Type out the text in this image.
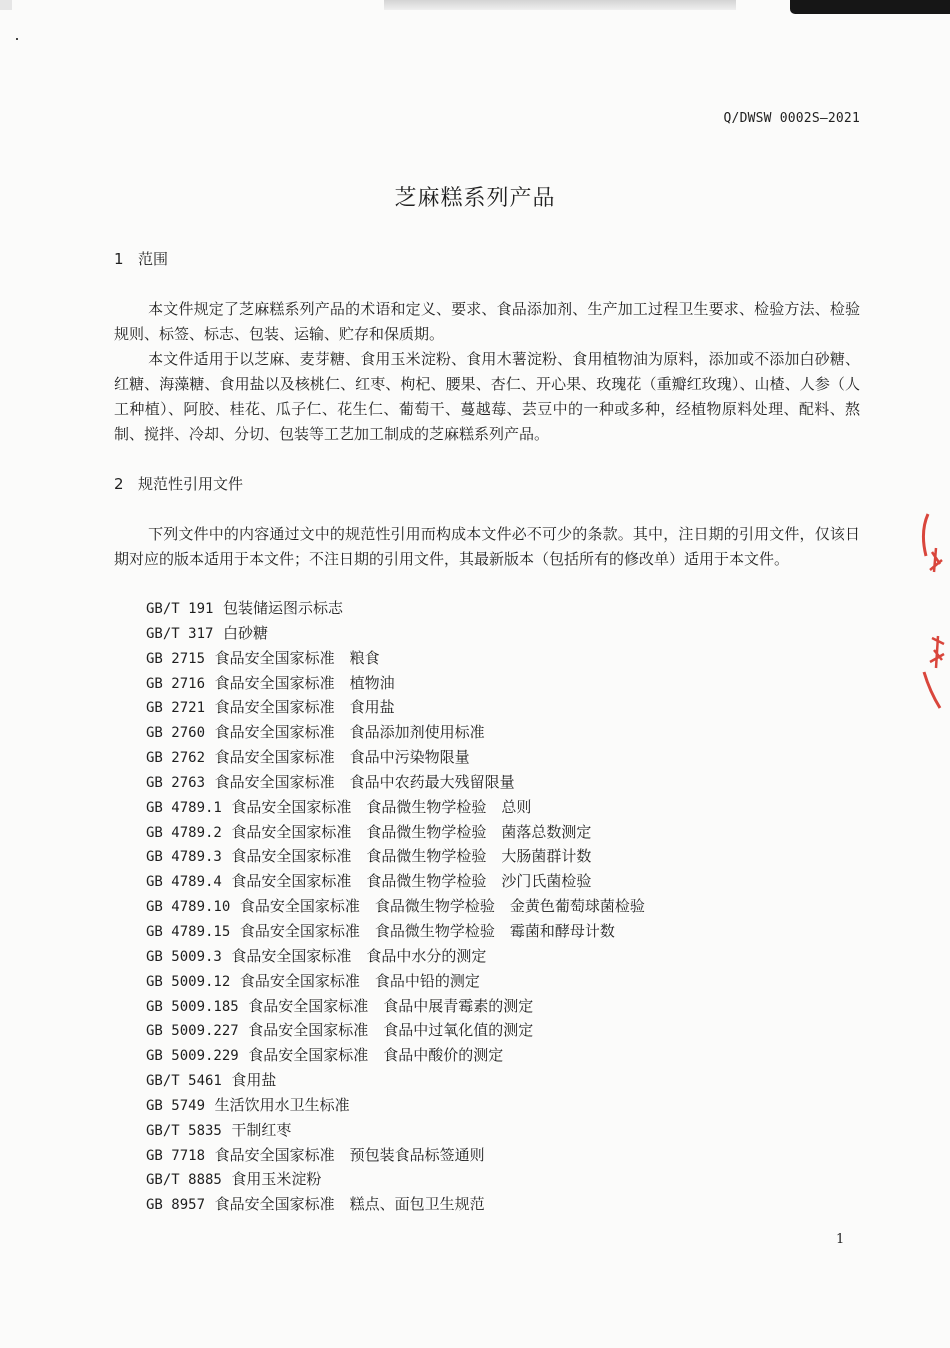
Q/DWSW 0002S—2021
芝麻糕系列产品
1 范围

本文件规定了芝麻糕系列产品的术语和定义、要求、食品添加剂、生产加工过程卫生要求、检验方法、检验规则、标签、标志、包装、运输、贮存和保质期。

本文件适用于以芝麻、麦芽糖、食用玉米淀粉、食用木薯淀粉、食用植物油为原料，添加或不添加白砂糖、红糖、海藻糖、食用盐以及核桃仁、红枣、枸杞、腰果、杏仁、开心果、玫瑰花（重瓣红玫瑰）、山楂、人参（人工种植）、阿胶、桂花、瓜子仁、花生仁、葡萄干、蔓越莓、芸豆中的一种或多种，经植物原料处理、配料、熬制、搅拌、冷却、分切、包装等工艺加工制成的芝麻糕系列产品。

2 规范性引用文件

下列文件中的内容通过文中的规范性引用而构成本文件必不可少的条款。其中，注日期的引用文件，仅该日期对应的版本适用于本文件；不注日期的引用文件，其最新版本（包括所有的修改单）适用于本文件。

GB/T 191 包装储运图示标志
GB/T 317 白砂糖
GB 2715 食品安全国家标准　粮食
GB 2716 食品安全国家标准　植物油
GB 2721 食品安全国家标准　食用盐
GB 2760 食品安全国家标准　食品添加剂使用标准
GB 2762 食品安全国家标准　食品中污染物限量
GB 2763 食品安全国家标准　食品中农药最大残留限量
GB 4789.1 食品安全国家标准　食品微生物学检验　总则
GB 4789.2 食品安全国家标准　食品微生物学检验　菌落总数测定
GB 4789.3 食品安全国家标准　食品微生物学检验　大肠菌群计数
GB 4789.4 食品安全国家标准　食品微生物学检验　沙门氏菌检验
GB 4789.10 食品安全国家标准　食品微生物学检验　金黄色葡萄球菌检验
GB 4789.15 食品安全国家标准　食品微生物学检验　霉菌和酵母计数
GB 5009.3 食品安全国家标准　食品中水分的测定
GB 5009.12 食品安全国家标准　食品中铅的测定
GB 5009.185 食品安全国家标准　食品中展青霉素的测定
GB 5009.227 食品安全国家标准　食品中过氧化值的测定
GB 5009.229 食品安全国家标准　食品中酸价的测定
GB/T 5461 食用盐
GB 5749 生活饮用水卫生标准
GB/T 5835 干制红枣
GB 7718 食品安全国家标准　预包装食品标签通则
GB/T 8885 食用玉米淀粉
GB 8957 食品安全国家标准　糕点、面包卫生规范
1
